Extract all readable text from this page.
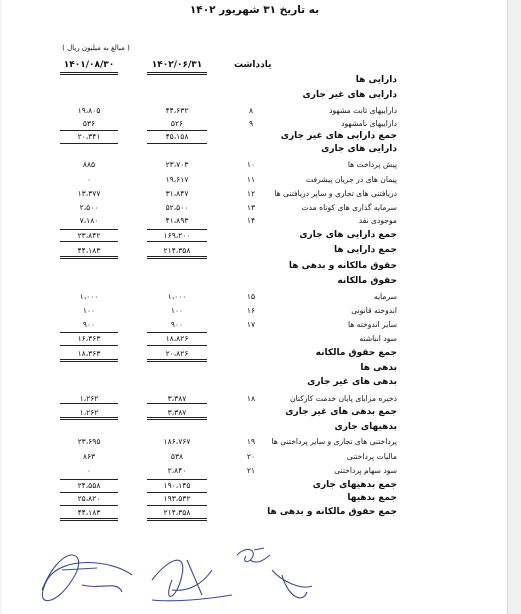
به تاریخ ۳۱ شهریور ۱۴۰۲
( مبالغ به میلیون ریال )
یادداشت
۱۴۰۲/۰۶/۳۱
۱۴۰۱/۰۸/۳۰
دارایی ها
دارایی های غیر جاری
داراییهای ثابت مشهود
۸
۴۴،۶۳۲
۱۹،۸۰۵
داراییهای نامشهود
۹
۵۲۶
۵۳۶
جمع دارایی های غیر جاری
۴۵،۱۵۸
۲۰،۳۴۱
دارایی های جاری
پیش پرداخت ها
۱۰
۲۳،۷۰۳
۸۸۵
پیمان های در جریان پیشرفت
۱۱
۱۹،۶۱۷
۰
دریافتنی های تجاری و سایر دریافتنی ها
۱۲
۳۱،۸۴۷
۱۳،۳۷۷
سرمایه گذاری های کوتاه مدت
۱۳
۵۲،۵۰۰
۲،۵۰۰
موجودی نقد
۱۴
۴۱،۸۹۳
۷،۱۸۰
جمع دارایی های جاری
۱۶۹،۲۰۰
۲۳،۸۴۲
جمع دارایی ها
۲۱۴،۳۵۸
۴۴،۱۸۳
حقوق مالکانه و بدهی ها
حقوق مالکانه
سرمایه
۱۵
۱،۰۰۰
۱،۰۰۰
اندوخته قانونی
۱۶
۱۰۰
۱۰۰
سایر اندوخته ها
۱۷
۹۰۰
۹۰۰
سود انباشته
۱۸،۸۲۶
۱۶،۳۶۳
جمع حقوق مالکانه
۲۰،۸۲۶
۱۸،۳۶۳
بدهی ها
بدهی های غیر جاری
ذخیره مزایای پایان خدمت کارکنان
۱۸
۳،۳۸۷
۱،۲۶۲
جمع بدهی های غیر جاری
۳،۳۸۷
۱،۲۶۲
بدهیهای جاری
پرداختنی های تجاری و سایر پرداختنی ها
۱۹
۱۸۶،۷۶۷
۲۳،۶۹۵
مالیات پرداختنی
۲۰
۵۳۸
۸۶۳
سود سهام پرداختنی
۲۱
۲،۸۴۰
۰
جمع بدهیهای جاری
۱۹۰،۱۴۵
۲۴،۵۵۸
جمع بدهیها
۱۹۳،۵۳۲
۲۵،۸۲۰
جمع حقوق مالکانه و بدهی ها
۲۱۴،۳۵۸
۴۴،۱۸۳
